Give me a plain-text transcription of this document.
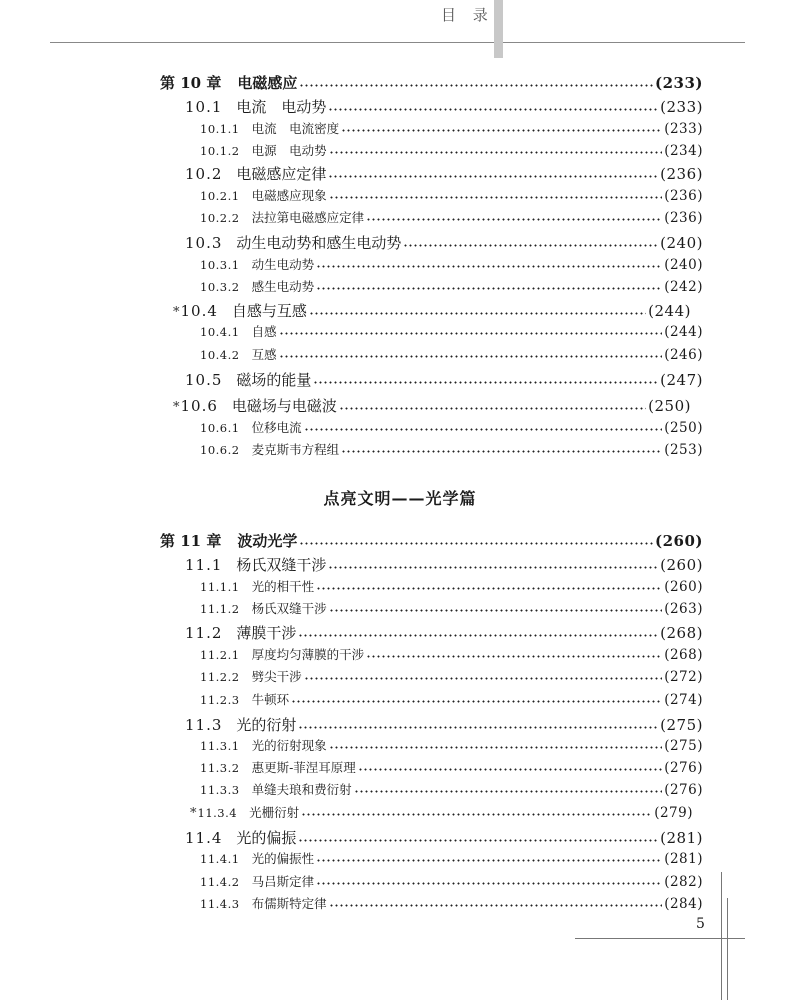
目 录
第 10 章 电磁感应	(233)
10.1 电流　电动势	(233)
10.1.1 电流　电流密度	(233)
10.1.2 电源　电动势	(234)
10.2 电磁感应定律	(236)
10.2.1 电磁感应现象	(236)
10.2.2 法拉第电磁感应定律	(236)
10.3 动生电动势和感生电动势	(240)
10.3.1 动生电动势	(240)
10.3.2 感生电动势	(242)
* 10.4 自感与互感	(244)
10.4.1 自感	(244)
10.4.2 互感	(246)
10.5 磁场的能量	(247)
* 10.6 电磁场与电磁波	(250)
10.6.1 位移电流	(250)
10.6.2 麦克斯韦方程组	(253)
第 11 章 波动光学	(260)
11.1 杨氏双缝干涉	(260)
11.1.1 光的相干性	(260)
11.1.2 杨氏双缝干涉	(263)
11.2 薄膜干涉	(268)
11.2.1 厚度均匀薄膜的干涉	(268)
11.2.2 劈尖干涉	(272)
11.2.3 牛顿环	(274)
11.3 光的衍射	(275)
11.3.1 光的衍射现象	(275)
11.3.2 惠更斯-菲涅耳原理	(276)
11.3.3 单缝夫琅和费衍射	(276)
* 11.3.4 光栅衍射	(279)
11.4 光的偏振	(281)
11.4.1 光的偏振性	(281)
11.4.2 马吕斯定律	(282)
11.4.3 布儒斯特定律	(284)
点亮文明——光学篇
5
